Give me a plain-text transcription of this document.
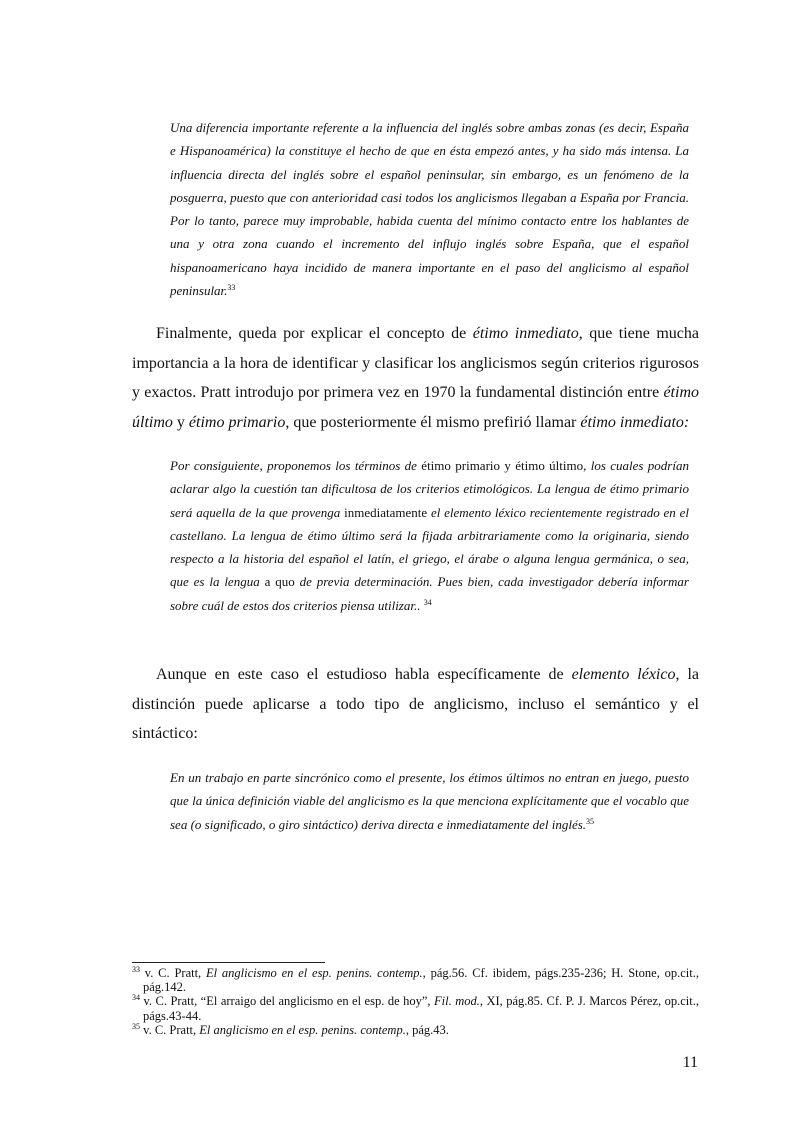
Una diferencia importante referente a la influencia del inglés sobre ambas zonas (es decir, España e Hispanoamérica) la constituye el hecho de que en ésta empezó antes, y ha sido más intensa. La influencia directa del inglés sobre el español peninsular, sin embargo, es un fenómeno de la posguerra, puesto que con anterioridad casi todos los anglicismos llegaban a España por Francia. Por lo tanto, parece muy improbable, habida cuenta del mínimo contacto entre los hablantes de una y otra zona cuando el incremento del influjo inglés sobre España, que el español hispanoamericano haya incidido de manera importante en el paso del anglicismo al español peninsular.$^{33}$
Finalmente, queda por explicar el concepto de étimo inmediato, que tiene mucha importancia a la hora de identificar y clasificar los anglicismos según criterios rigurosos y exactos. Pratt introdujo por primera vez en 1970 la fundamental distinción entre étimo último y étimo primario, que posteriormente él mismo prefirió llamar étimo inmediato:
Por consiguiente, proponemos los términos de étimo primario y étimo último, los cuales podrían aclarar algo la cuestión tan dificultosa de los criterios etimológicos. La lengua de étimo primario será aquella de la que provenga inmediatamente el elemento léxico recientemente registrado en el castellano. La lengua de étimo último será la fijada arbitrariamente como la originaria, siendo respecto a la historia del español el latín, el griego, el árabe o alguna lengua germánica, o sea, que es la lengua a quo de previa determinación. Pues bien, cada investigador debería informar sobre cuál de estos dos criterios piensa utilizar.. $^{34}$
Aunque en este caso el estudioso habla específicamente de elemento léxico, la distinción puede aplicarse a todo tipo de anglicismo, incluso el semántico y el sintáctico:
En un trabajo en parte sincrónico como el presente, los étimos últimos no entran en juego, puesto que la única definición viable del anglicismo es la que menciona explícitamente que el vocablo que sea (o significado, o giro sintáctico) deriva directa e inmediatamente del inglés.$^{35}$

$^{33}$ v. C. Pratt, El anglicismo en el esp. penins. contemp., pág.56. Cf. ibidem, págs.235-236; H. Stone, op.cit., pág.142.

$^{34}$ v. C. Pratt, “El arraigo del anglicismo en el esp. de hoy”, Fil. mod., XI, pág.85. Cf. P. J. Marcos Pérez, op.cit., págs.43-44.

$^{35}$ v. C. Pratt, El anglicismo en el esp. penins. contemp., pág.43.

11
